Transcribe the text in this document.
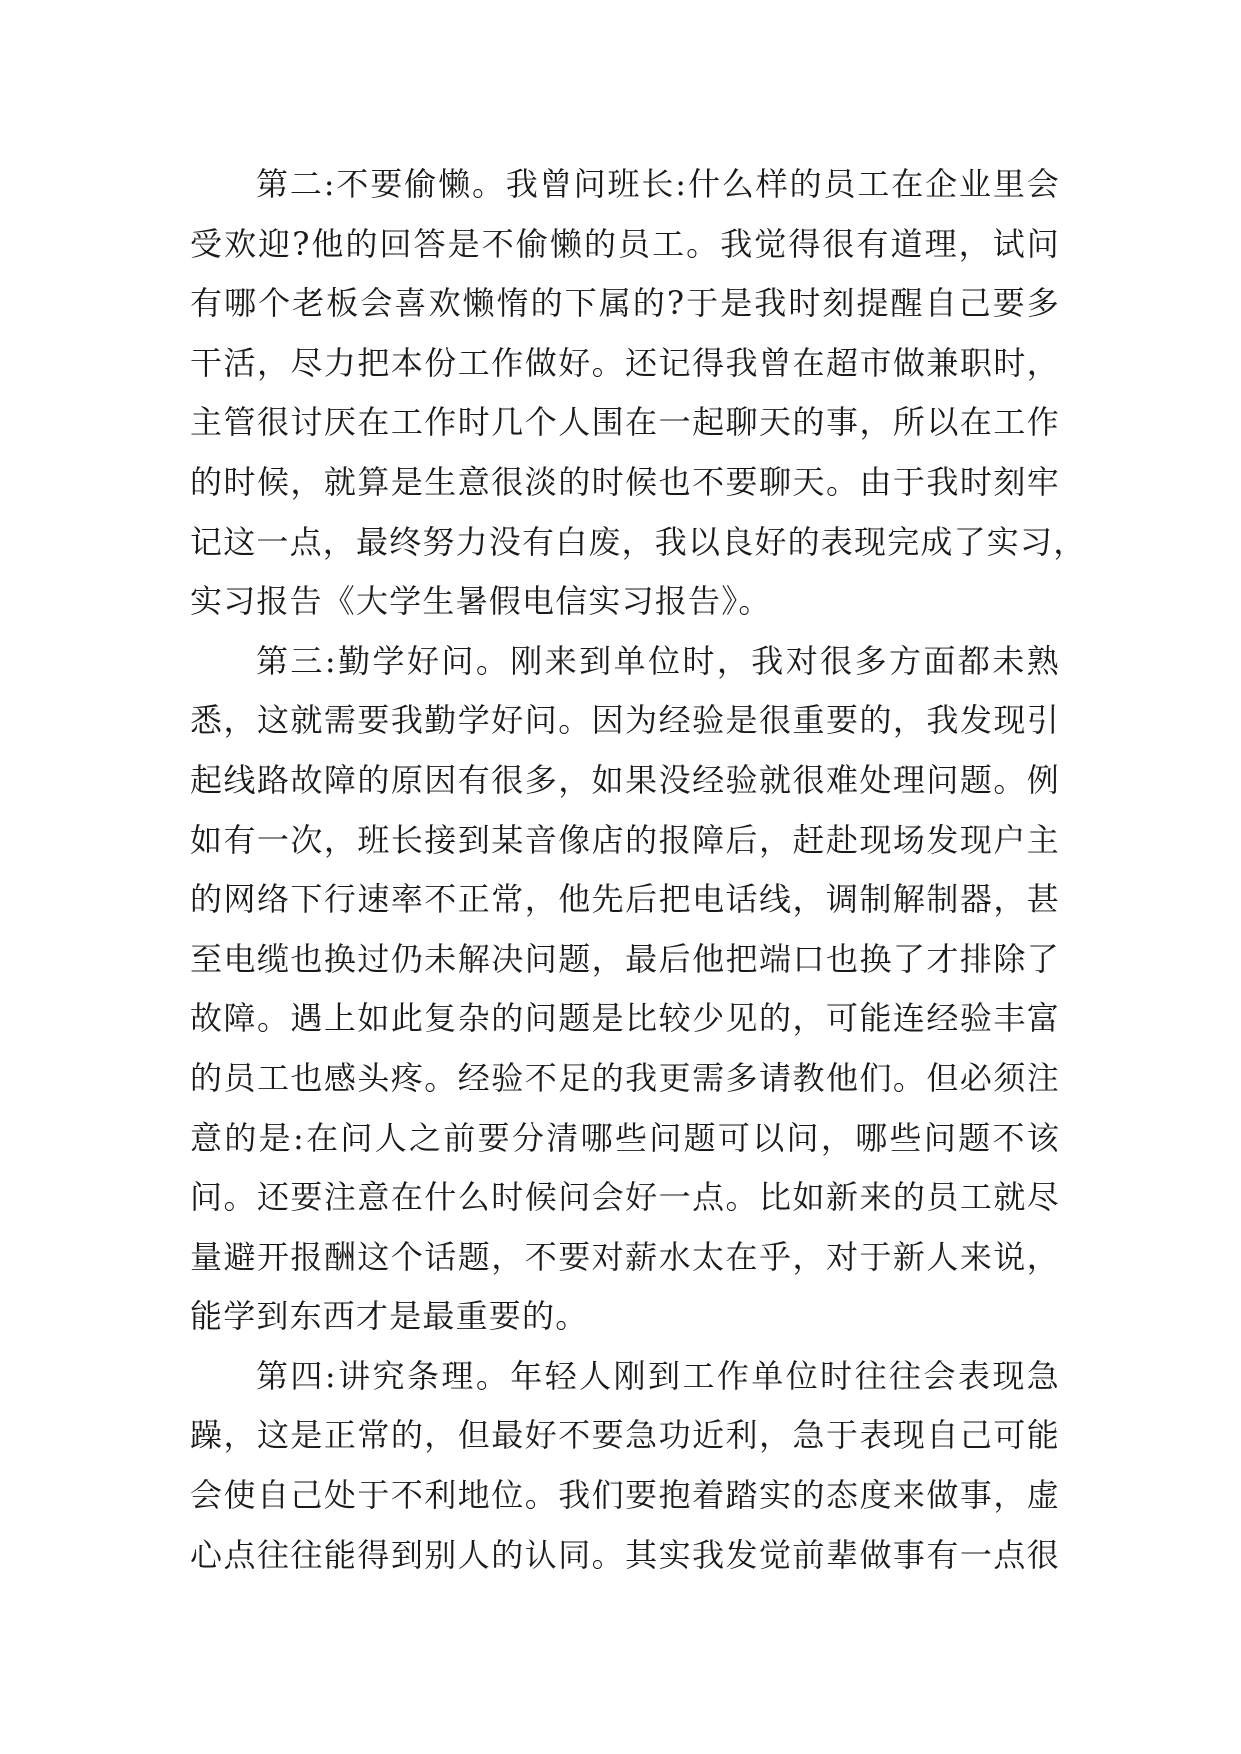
第二:不要偷懒。我曾问班长:什么样的员工在企业里会
受欢迎?他的回答是不偷懒的员工。我觉得很有道理，试问
有哪个老板会喜欢懒惰的下属的?于是我时刻提醒自己要多
干活，尽力把本份工作做好。还记得我曾在超市做兼职时，
主管很讨厌在工作时几个人围在一起聊天的事，所以在工作
的时候，就算是生意很淡的时候也不要聊天。由于我时刻牢
记这一点，最终努力没有白废，我以良好的表现完成了实习，
实习报告《大学生暑假电信实习报告》。
第三:勤学好问。刚来到单位时，我对很多方面都未熟
悉，这就需要我勤学好问。因为经验是很重要的，我发现引
起线路故障的原因有很多，如果没经验就很难处理问题。例
如有一次，班长接到某音像店的报障后，赶赴现场发现户主
的网络下行速率不正常，他先后把电话线，调制解制器，甚
至电缆也换过仍未解决问题，最后他把端口也换了才排除了
故障。遇上如此复杂的问题是比较少见的，可能连经验丰富
的员工也感头疼。经验不足的我更需多请教他们。但必须注
意的是:在问人之前要分清哪些问题可以问，哪些问题不该
问。还要注意在什么时候问会好一点。比如新来的员工就尽
量避开报酬这个话题，不要对薪水太在乎，对于新人来说，
能学到东西才是最重要的。
第四:讲究条理。年轻人刚到工作单位时往往会表现急
躁，这是正常的，但最好不要急功近利，急于表现自己可能
会使自己处于不利地位。我们要抱着踏实的态度来做事，虚
心点往往能得到别人的认同。其实我发觉前辈做事有一点很
